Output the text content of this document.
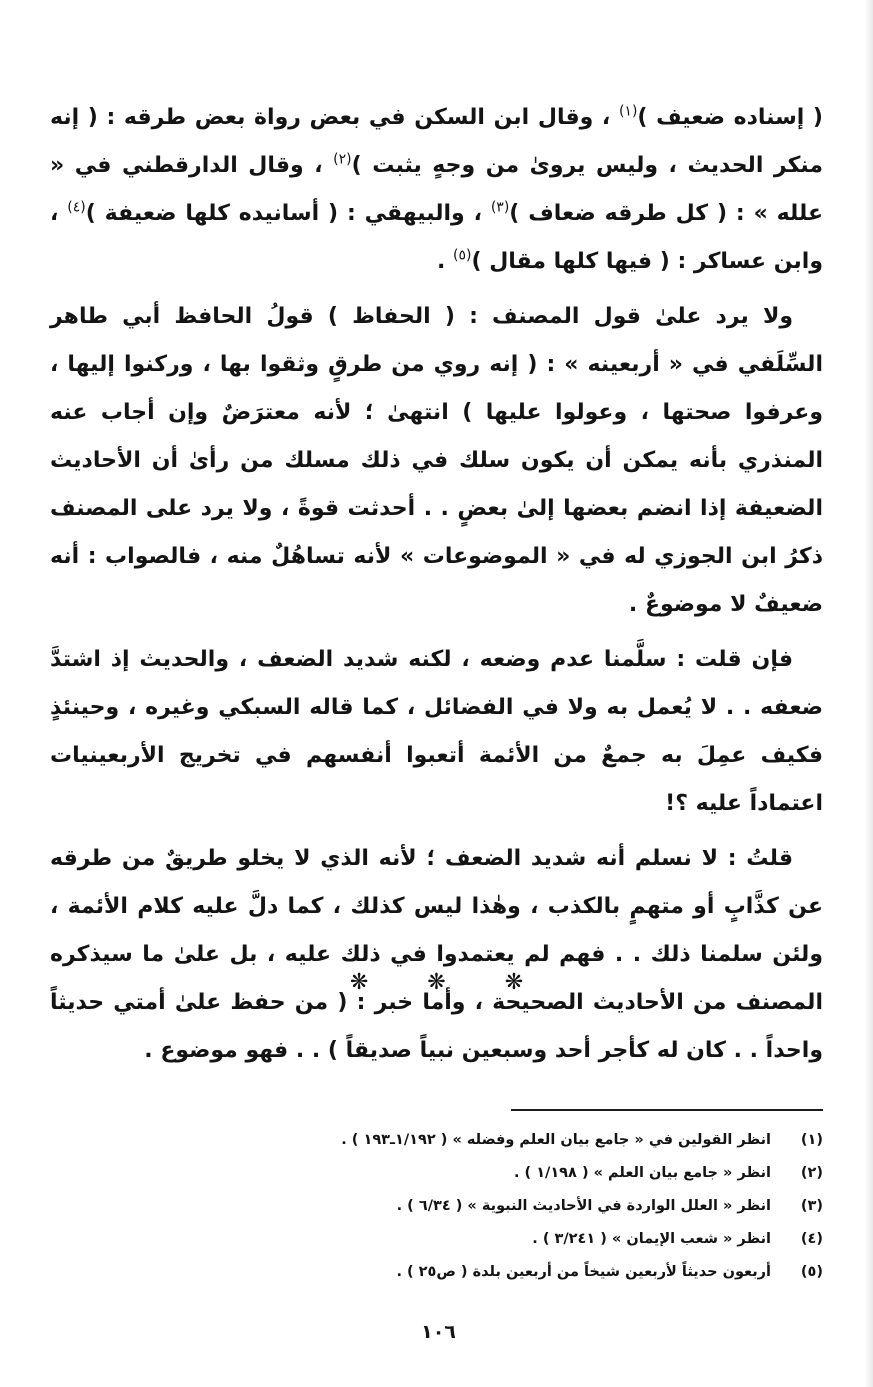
( إسناده ضعيف )$^{(١)}$ ، وقال ابن السكن في بعض رواة بعض طرقه : ( إنه منكر الحديث ، وليس يروىٰ من وجهٍ يثبت )$^{(٢)}$ ، وقال الدارقطني في « علله » : ( كل طرقه ضعاف )$^{(٣)}$ ، والبيهقي : ( أسانيده كلها ضعيفة )$^{(٤)}$ ، وابن عساكر : ( فيها كلها مقال )$^{(٥)}$ .

ولا يرد علىٰ قول المصنف : ( الحفاظ ) قولُ الحافظ أبي طاهر السِّلَفي في « أربعينه » : ( إنه روي من طرقٍ وثقوا بها ، وركنوا إليها ، وعرفوا صحتها ، وعولوا عليها ) انتهىٰ ؛ لأنه معترَضٌ وإن أجاب عنه المنذري بأنه يمكن أن يكون سلك في ذلك مسلك من رأىٰ أن الأحاديث الضعيفة إذا انضم بعضها إلىٰ بعضٍ . . أحدثت قوةً ، ولا يرد على المصنف ذكرُ ابن الجوزي له في « الموضوعات » لأنه تساهُلٌ منه ، فالصواب : أنه ضعيفٌ لا موضوعٌ .

فإن قلت : سلَّمنا عدم وضعه ، لكنه شديد الضعف ، والحديث إذ اشتدَّ ضعفه . . لا يُعمل به ولا في الفضائل ، كما قاله السبكي وغيره ، وحينئذٍ فكيف عمِلَ به جمعٌ من الأئمة أتعبوا أنفسهم في تخريج الأربعينيات اعتماداً عليه ؟!

قلتُ : لا نسلم أنه شديد الضعف ؛ لأنه الذي لا يخلو طريقٌ من طرقه عن كذَّابٍ أو متهمٍ بالكذب ، وهٰذا ليس كذلك ، كما دلَّ عليه كلام الأئمة ، ولئن سلمنا ذلك . . فهم لم يعتمدوا في ذلك عليه ، بل علىٰ ما سيذكره المصنف من الأحاديث الصحيحة ، وأما خبر : ( من حفظ علىٰ أمتي حديثاً واحداً . . كان له كأجر أحد وسبعين نبياً صديقاً ) . . فهو موضوع .

❋ ❋ ❋
(١)
انظر القولين في « جامع بيان العلم وفضله » ( ١/١٩٢ـ١٩٣ ) .
(٢)
انظر « جامع بيان العلم » ( ١/١٩٨ ) .
(٣)
انظر « العلل الواردة في الأحاديث النبوية » ( ٦/٣٤ ) .
(٤)
انظر « شعب الإيمان » ( ٣/٢٤١ ) .
(٥)
أربعون حديثاً لأربعين شيخاً من أربعين بلدة ( ص٢٥ ) .
١٠٦
